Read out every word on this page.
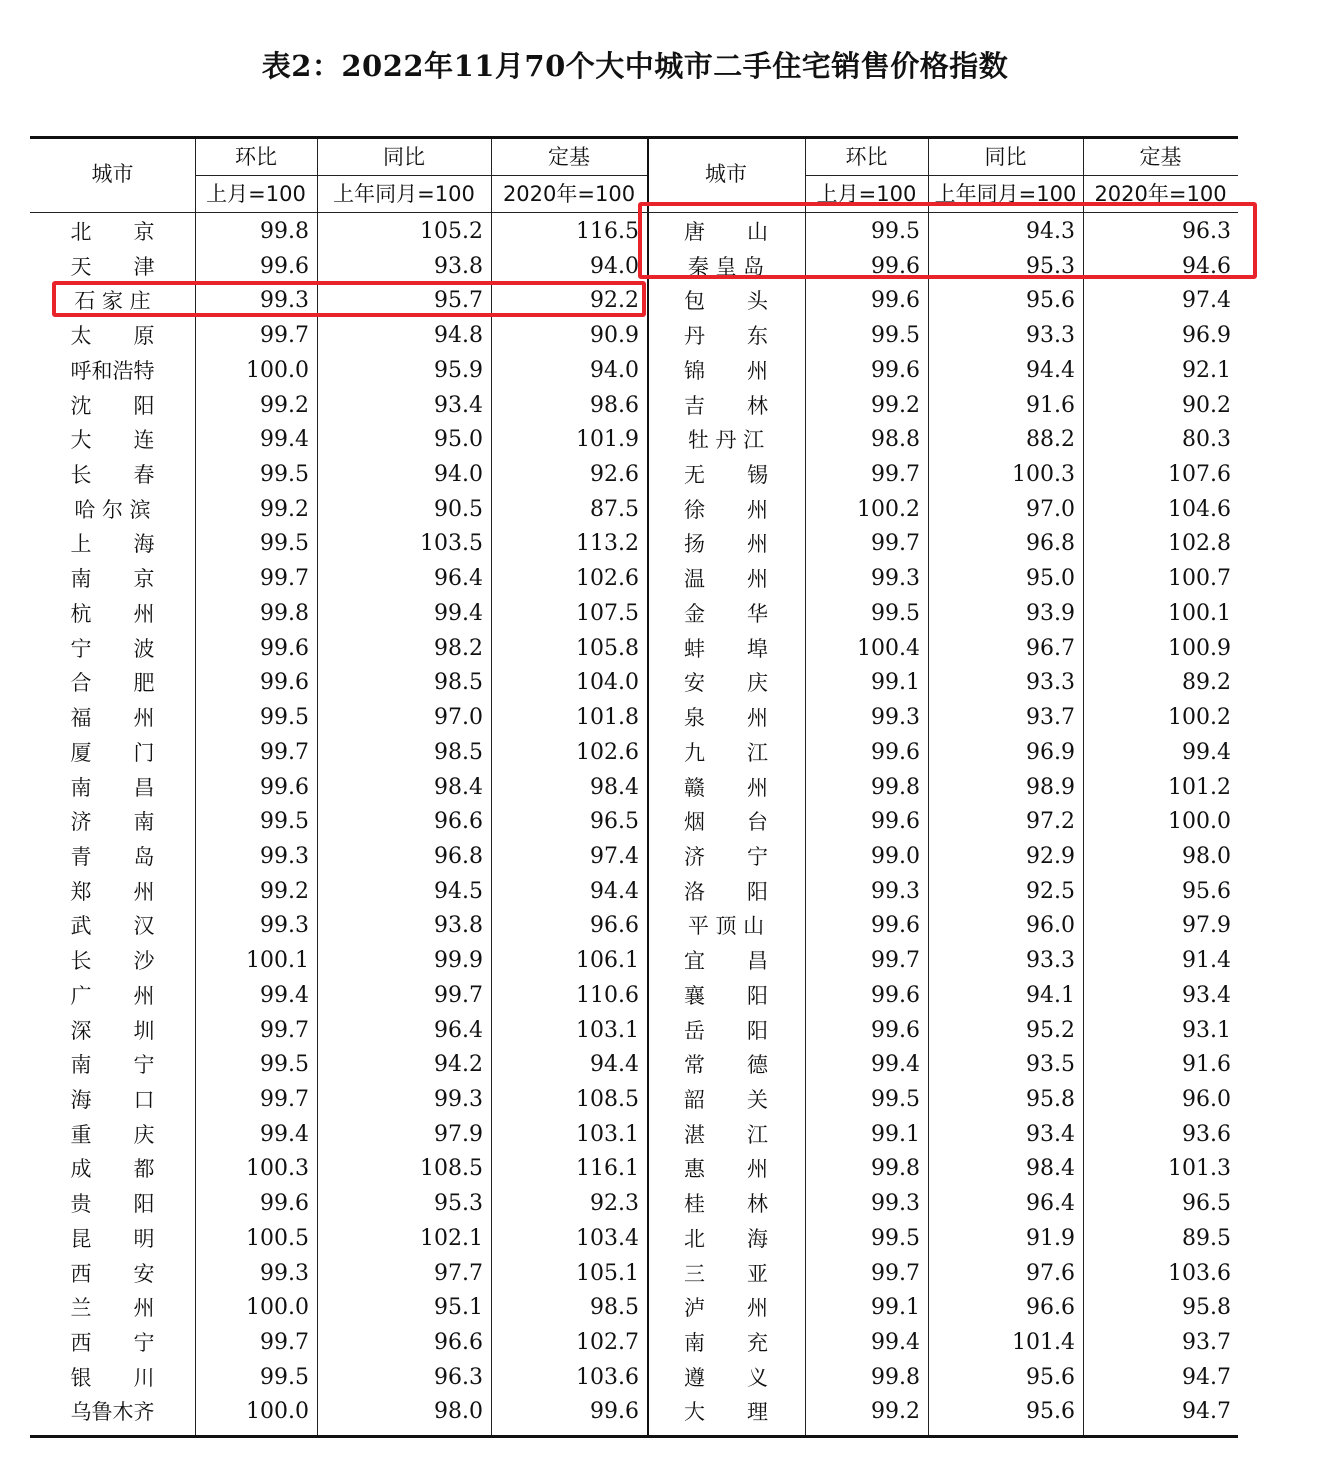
表2：2022年11月70个大中城市二手住宅销售价格指数
城市
环比	同比	定基
上月=100	上年同月=100	2020年=100
城市
环比	同比	定基
上月=100 上年同月=100 2020年=100
北　　京	99.8	105.2	116.5	唐　　山	99.5	94.3	96.3
天　　津	99.6	93.8	94.0	秦 皇 岛	99.6	95.3	94.6
石 家 庄	99.3	95.7	92.2	包　　头	99.6	95.6	97.4
太　　原	99.7	94.8	90.9	丹　　东	99.5	93.3	96.9
呼和浩特	100.0	95.9	94.0	锦　　州	99.6	94.4	92.1
沈　　阳	99.2	93.4	98.6	吉　　林	99.2	91.6	90.2
大　　连	99.4	95.0	101.9	牡 丹 江	98.8	88.2	80.3
长　　春	99.5	94.0	92.6	无　　锡	99.7	100.3	107.6
哈 尔 滨	99.2	90.5	87.5	徐　　州	100.2	97.0	104.6
上　　海	99.5	103.5	113.2	扬　　州	99.7	96.8	102.8
南　　京	99.7	96.4	102.6	温　　州	99.3	95.0	100.7
杭　　州	99.8	99.4	107.5	金　　华	99.5	93.9	100.1
宁　　波	99.6	98.2	105.8	蚌　　埠	100.4	96.7	100.9
合　　肥	99.6	98.5	104.0	安　　庆	99.1	93.3	89.2
福　　州	99.5	97.0	101.8	泉　　州	99.3	93.7	100.2
厦　　门	99.7	98.5	102.6	九　　江	99.6	96.9	99.4
南　　昌	99.6	98.4	98.4	赣　　州	99.8	98.9	101.2
济　　南	99.5	96.6	96.5	烟　　台	99.6	97.2	100.0
青　　岛	99.3	96.8	97.4	济　　宁	99.0	92.9	98.0
郑　　州	99.2	94.5	94.4	洛　　阳	99.3	92.5	95.6
武　　汉	99.3	93.8	96.6	平 顶 山	99.6	96.0	97.9
长　　沙	100.1	99.9	106.1	宜　　昌	99.7	93.3	91.4
广　　州	99.4	99.7	110.6	襄　　阳	99.6	94.1	93.4
深　　圳	99.7	96.4	103.1	岳　　阳	99.6	95.2	93.1
南　　宁	99.5	94.2	94.4	常　　德	99.4	93.5	91.6
海　　口	99.7	99.3	108.5	韶　　关	99.5	95.8	96.0
重　　庆	99.4	97.9	103.1	湛　　江	99.1	93.4	93.6
成　　都	100.3	108.5	116.1	惠　　州	99.8	98.4	101.3
贵　　阳	99.6	95.3	92.3	桂　　林	99.3	96.4	96.5
昆　　明	100.5	102.1	103.4	北　　海	99.5	91.9	89.5
西　　安	99.3	97.7	105.1	三　　亚	99.7	97.6	103.6
兰　　州	100.0	95.1	98.5	泸　　州	99.1	96.6	95.8
西　　宁	99.7	96.6	102.7	南　　充	99.4	101.4	93.7
银　　川	99.5	96.3	103.6	遵　　义	99.8	95.6	94.7
乌鲁木齐	100.0	98.0	99.6	大　　理	99.2	95.6	94.7
